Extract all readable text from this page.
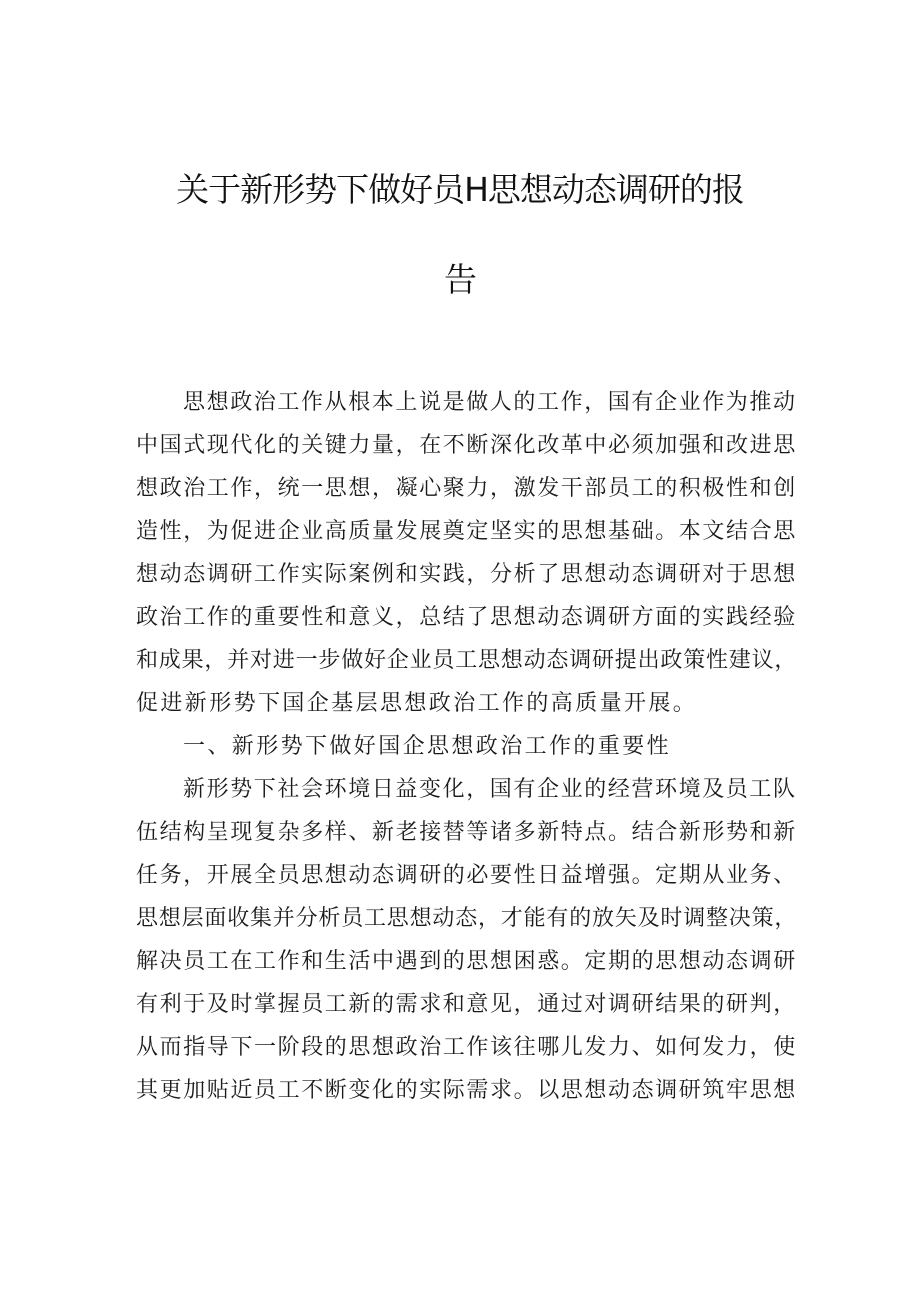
关于新形势下做好员H思想动态调研的报
告

思想政治工作从根本上说是做人的工作，国有企业作为推动

中国式现代化的关键力量，在不断深化改革中必须加强和改进思

想政治工作，统一思想，凝心聚力，激发干部员工的积极性和创

造性，为促进企业高质量发展奠定坚实的思想基础。本文结合思

想动态调研工作实际案例和实践，分析了思想动态调研对于思想

政治工作的重要性和意义，总结了思想动态调研方面的实践经验

和成果，并对进一步做好企业员工思想动态调研提出政策性建议，

促进新形势下国企基层思想政治工作的高质量开展。

一、新形势下做好国企思想政治工作的重要性

新形势下社会环境日益变化，国有企业的经营环境及员工队

伍结构呈现复杂多样、新老接替等诸多新特点。结合新形势和新

任务，开展全员思想动态调研的必要性日益增强。定期从业务、

思想层面收集并分析员工思想动态，才能有的放矢及时调整决策，

解决员工在工作和生活中遇到的思想困惑。定期的思想动态调研

有利于及时掌握员工新的需求和意见，通过对调研结果的研判，

从而指导下一阶段的思想政治工作该往哪儿发力、如何发力，使

其更加贴近员工不断变化的实际需求。以思想动态调研筑牢思想
